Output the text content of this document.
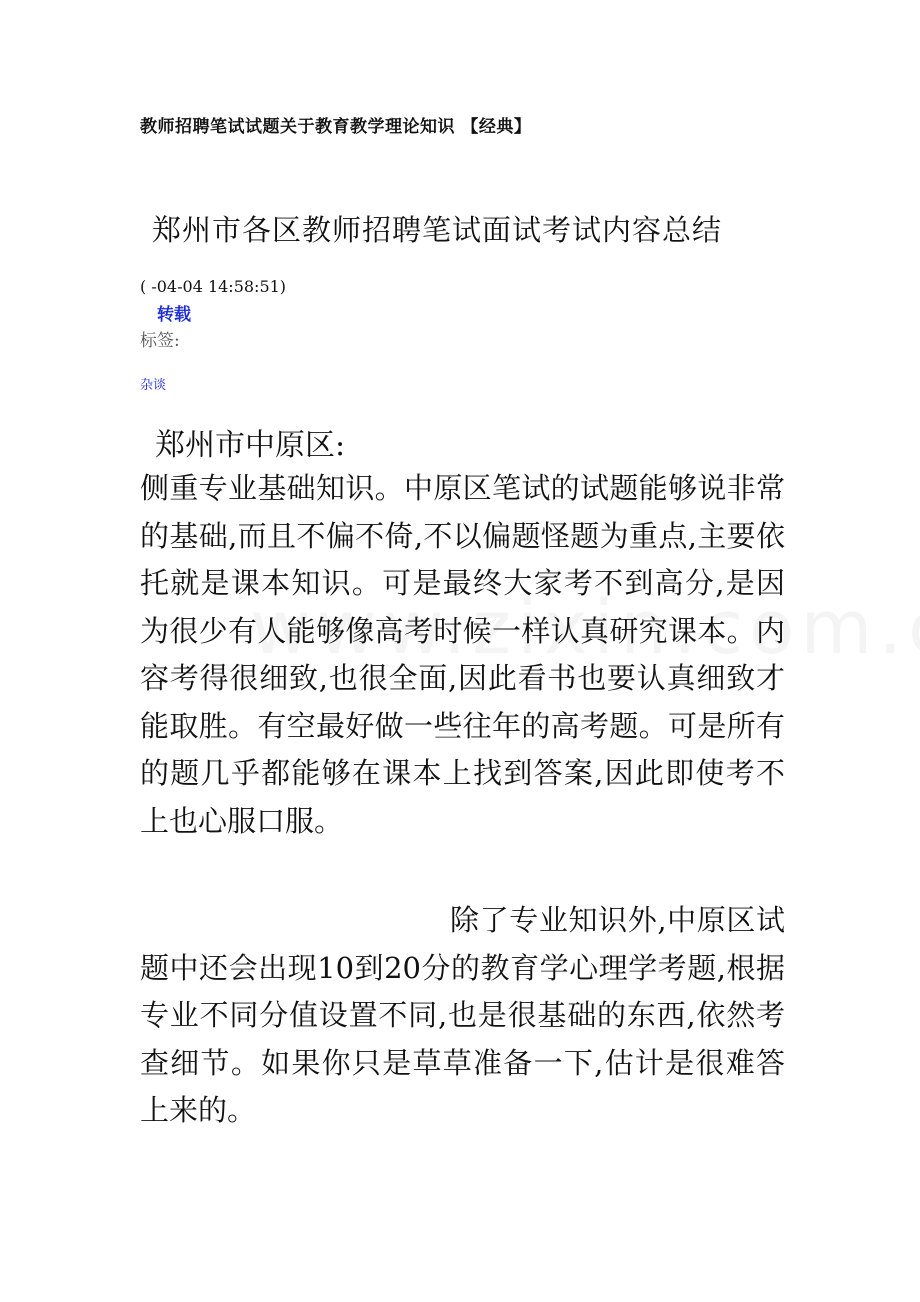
教师招聘笔试试题关于教育教学理论知识 【经典】
郑州市各区教师招聘笔试面试考试内容总结
( -04-04 14:58:51)
转载
标签:
杂谈
郑州市中原区:
侧重专业基础知识。中原区笔试的试题能够说非常的基础,而且不偏不倚,不以偏题怪题为重点,主要依托就是课本知识。可是最终大家考不到高分,是因为很少有人能够像高考时候一样认真研究课本。内容考得很细致,也很全面,因此看书也要认真细致才能取胜。有空最好做一些往年的高考题。可是所有的题几乎都能够在课本上找到答案,因此即使考不上也心服口服。
除了专业知识外,中原区试题中还会出现10到20分的教育学心理学考题,根据专业不同分值设置不同,也是很基础的东西,依然考查细节。如果你只是草草准备一下,估计是很难答上来的。
